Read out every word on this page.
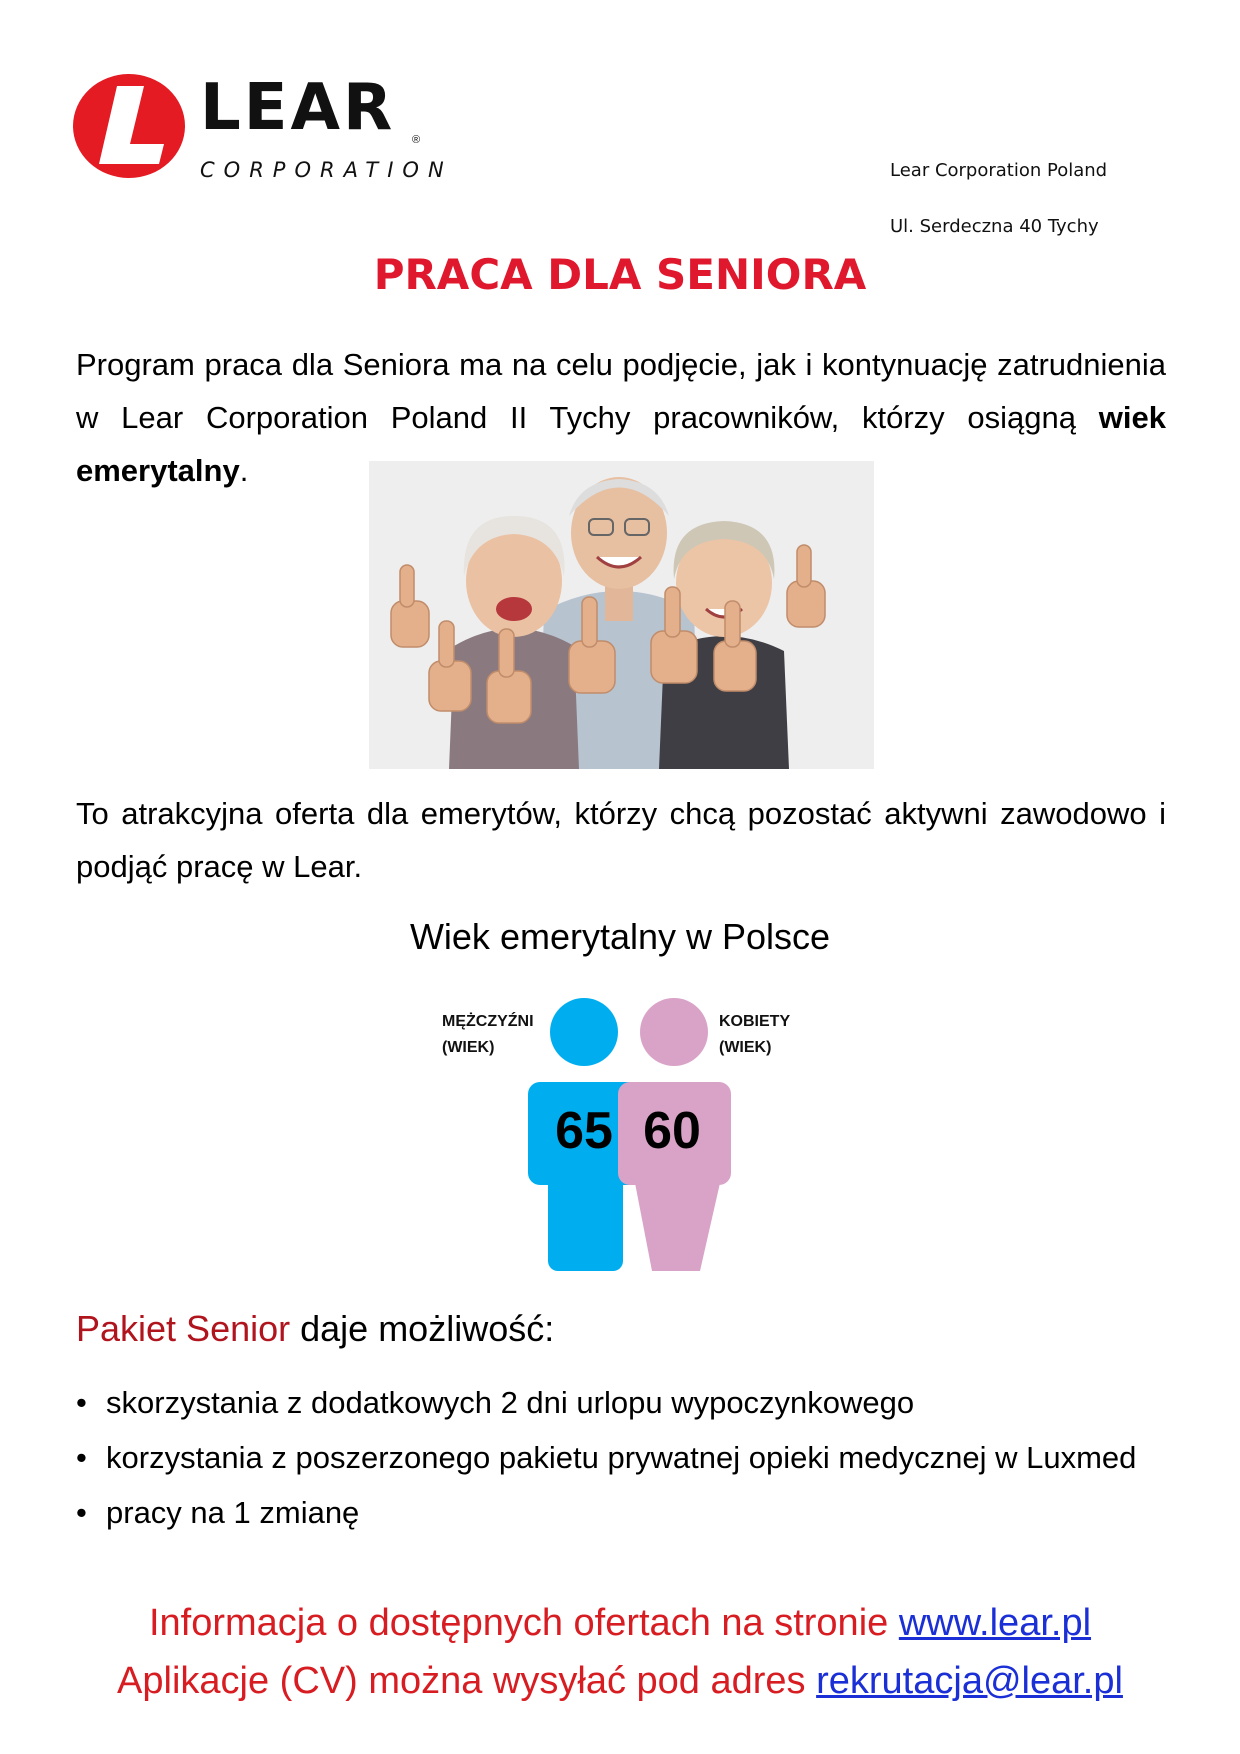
LEAR ®
CORPORATION	Lear Corporation Poland
Ul. Serdeczna 40 Tychy
PRACA DLA SENIORA

Program praca dla Seniora ma na celu podjęcie, jak i kontynuację zatrudnienia w Lear Corporation Poland II Tychy pracowników, którzy osiągną wiek emerytalny.

To atrakcyjna oferta dla emerytów, którzy chcą pozostać aktywni zawodowo i podjąć pracę w Lear.

Wiek emerytalny w Polsce
MĘŻCZYŹNI
(WIEK)
KOBIETY
(WIEK)
65 60
Pakiet Senior daje możliwość:
• skorzystania z dodatkowych 2 dni urlopu wypoczynkowego
• korzystania z poszerzonego pakietu prywatnej opieki medycznej w Luxmed
• pracy na 1 zmianę
Informacja o dostępnych ofertach na stronie www.lear.pl
Aplikacje (CV) można wysyłać pod adres rekrutacja@lear.pl
